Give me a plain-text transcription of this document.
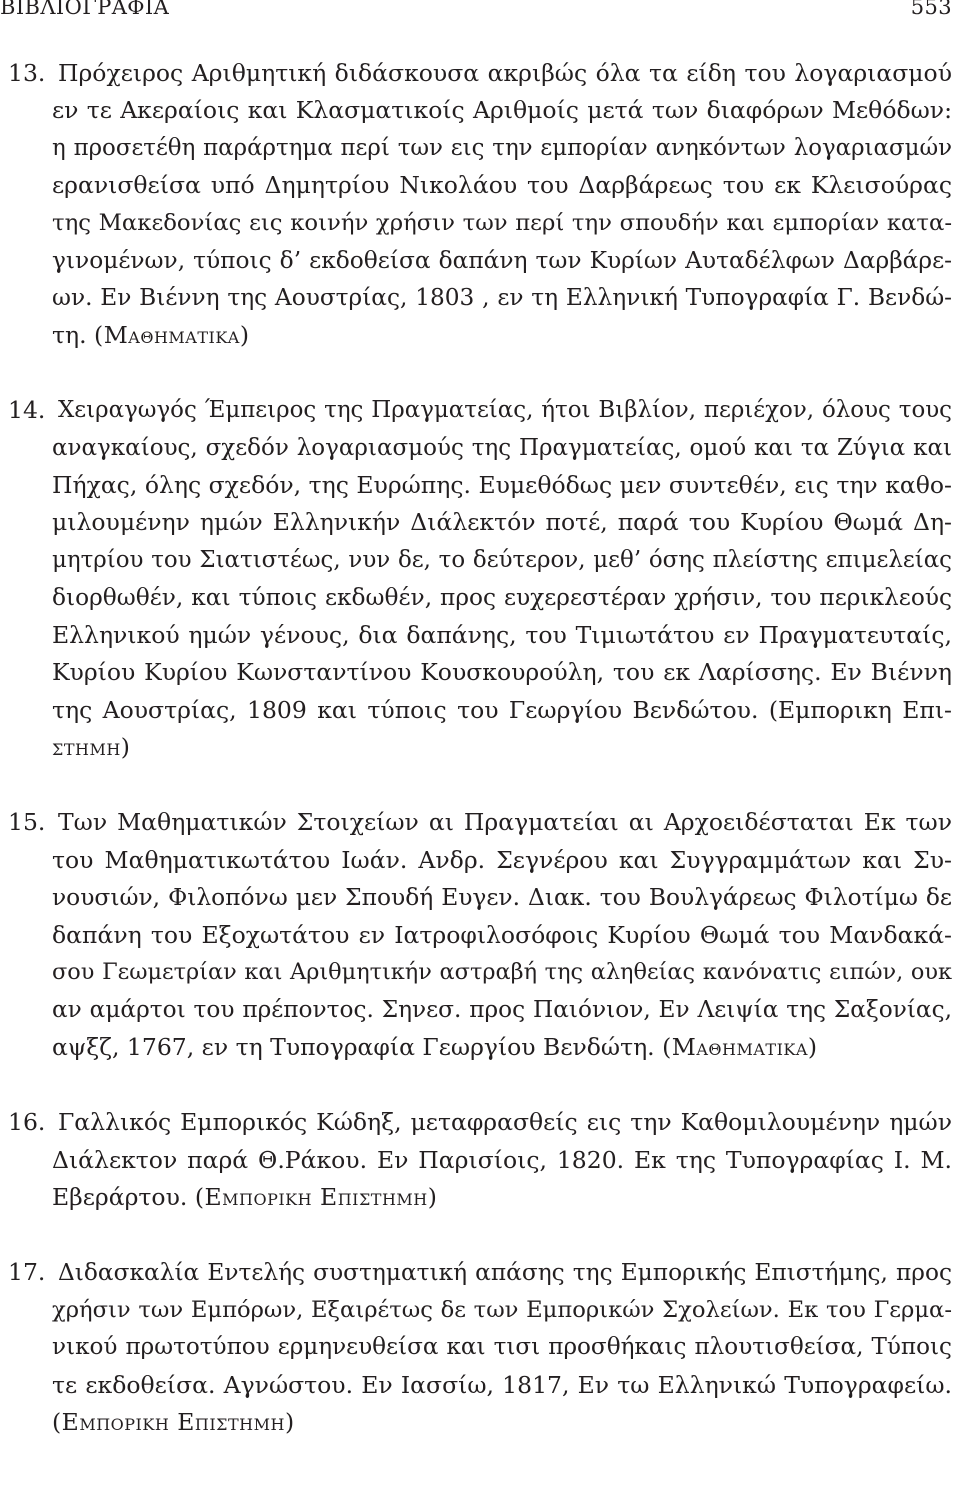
ΒΙΒΛΙΟΓΡΑΦΙΑ	553
13. Πρόχειρος Αριθμητική διδάσκουσα ακριβώς όλα τα είδη του λογαριασμού
εν τε Ακεραίοις και Κλασματικοίς Αριθμοίς μετά των διαφόρων Μεθόδων:
η προσετέθη παράρτημα περί των εις την εμπορίαν ανηκόντων λογαριασμών
ερανισθείσα υπό Δημητρίου Νικολάου του Δαρβάρεως του εκ Κλεισούρας
της Μακεδονίας εις κοινήν χρήσιν των περί την σπουδήν και εμπορίαν κατα-
γινομένων, τύποις δ’ εκδοθείσα δαπάνη των Κυρίων Αυταδέλφων Δαρβάρε-
ων. Εν Βιέννη της Αουστρίας, 1803 , εν τη Ελληνική Τυπογραφία Γ. Βενδώ-
τη. (Μαθηματικα)
14. Χειραγωγός Έμπειρος της Πραγματείας, ήτοι Βιβλίον, περιέχον, όλους τους
αναγκαίους, σχεδόν λογαριασμούς της Πραγματείας, ομού και τα Ζύγια και
Πήχας, όλης σχεδόν, της Ευρώπης. Ευμεθόδως μεν συντεθέν, εις την καθο-
μιλουμένην ημών Ελληνικήν Διάλεκτόν ποτέ, παρά του Κυρίου Θωμά Δη-
μητρίου του Σιατιστέως, νυν δε, το δεύτερον, μεθ’ όσης πλείστης επιμελείας
διορθωθέν, και τύποις εκδωθέν, προς ευχερεστέραν χρήσιν, του περικλεούς
Ελληνικού ημών γένους, δια δαπάνης, του Τιμιωτάτου εν Πραγματευταίς,
Κυρίου Κυρίου Κωνσταντίνου Κουσκουρούλη, του εκ Λαρίσσης. Εν Βιέννη
της Αουστρίας, 1809 και τύποις του Γεωργίου Βενδώτου. (Εμπορικη Επι-
στημη)
15. Των Μαθηματικών Στοιχείων αι Πραγματείαι αι Αρχοειδέσταται Εκ των
του Μαθηματικωτάτου Ιωάν. Ανδρ. Σεγνέρου και Συγγραμμάτων και Συ-
νουσιών, Φιλοπόνω μεν Σπουδή Ευγεν. Διακ. του Βουλγάρεως Φιλοτίμω δε
δαπάνη του Εξοχωτάτου εν Ιατροφιλοσόφοις Κυρίου Θωμά του Μανδακά-
σου Γεωμετρίαν και Αριθμητικήν αστραβή της αληθείας κανόνατις ειπών, ουκ
αν αμάρτοι του πρέποντος. Σηνεσ. προς Παιόνιον, Εν Λειψία της Σαξονίας,
αψξζ, 1767, εν τη Τυπογραφία Γεωργίου Βενδώτη. (Μαθηματικα)
16. Γαλλικός Εμπορικός Κώδηξ, μεταφρασθείς εις την Καθομιλουμένην ημών
Διάλεκτον παρά Θ.Ράκου. Εν Παρισίοις, 1820. Εκ της Τυπογραφίας Ι. Μ.
Εβεράρτου. (Εμπορικη Επιστημη)
17. Διδασκαλία Εντελής συστηματική απάσης της Εμπορικής Επιστήμης, προς
χρήσιν των Εμπόρων, Εξαιρέτως δε των Εμπορικών Σχολείων. Εκ του Γερμα-
νικού πρωτοτύπου ερμηνευθείσα και τισι προσθήκαις πλουτισθείσα, Τύποις
τε εκδοθείσα. Αγνώστου. Εν Ιασσίω, 1817, Εν τω Ελληνικώ Τυπογραφείω.
(Εμπορικη Επιστημη)
